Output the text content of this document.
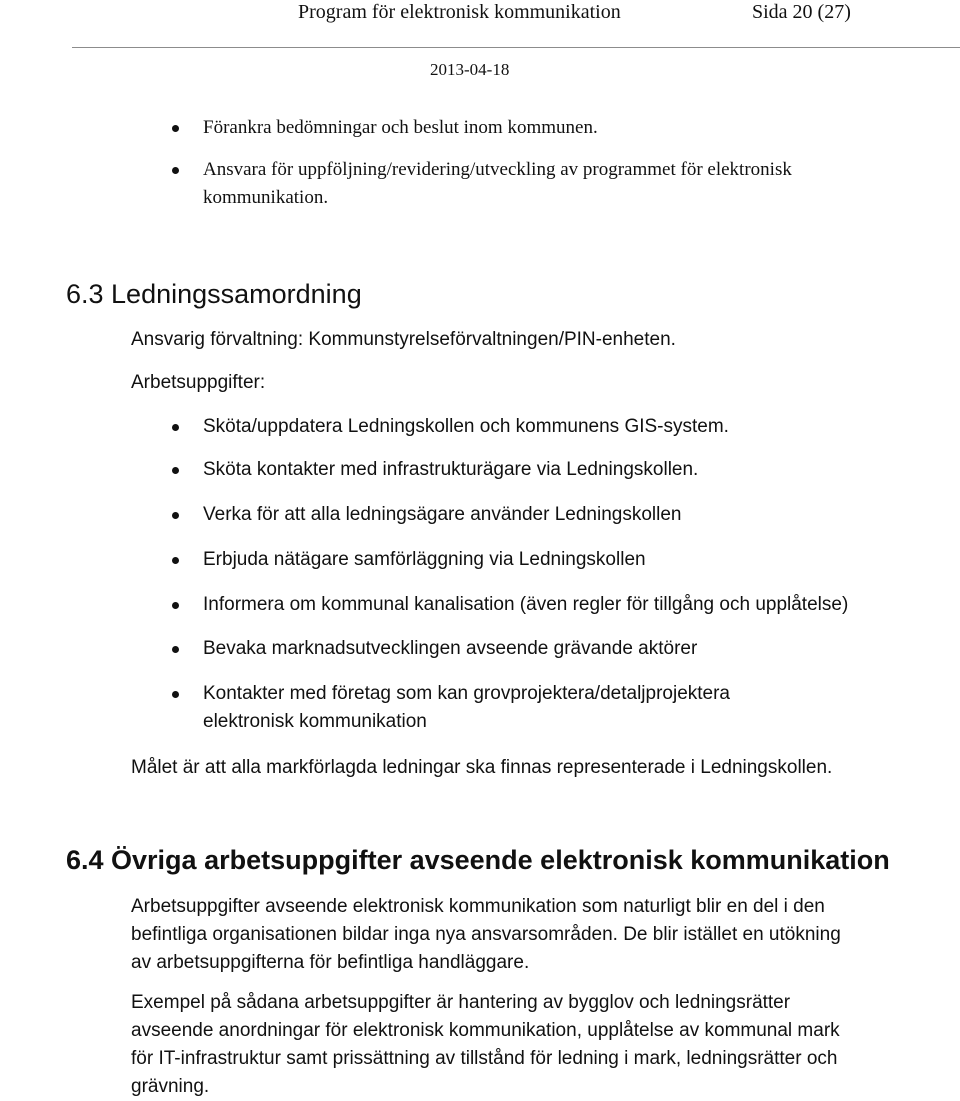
Program för elektronisk kommunikation	Sida 20 (27)
2013-04-18
Förankra bedömningar och beslut inom kommunen.
Ansvara för uppföljning/revidering/utveckling av programmet för elektronisk
kommunikation.
6.3 Ledningssamordning
Ansvarig förvaltning: Kommunstyrelseförvaltningen/PIN-enheten.
Arbetsuppgifter:
Sköta/uppdatera Ledningskollen och kommunens GIS-system.
Sköta kontakter med infrastrukturägare via Ledningskollen.
Verka för att alla ledningsägare använder Ledningskollen
Erbjuda nätägare samförläggning via Ledningskollen
Informera om kommunal kanalisation (även regler för tillgång och upplåtelse)
Bevaka marknadsutvecklingen avseende grävande aktörer
Kontakter med företag som kan grovprojektera/detaljprojektera
elektronisk kommunikation
Målet är att alla markförlagda ledningar ska finnas representerade i Ledningskollen.
6.4 Övriga arbetsuppgifter avseende elektronisk kommunikation
Arbetsuppgifter avseende elektronisk kommunikation som naturligt blir en del i den
befintliga organisationen bildar inga nya ansvarsområden. De blir istället en utökning
av arbetsuppgifterna för befintliga handläggare.
Exempel på sådana arbetsuppgifter är hantering av bygglov och ledningsrätter
avseende anordningar för elektronisk kommunikation, upplåtelse av kommunal mark
för IT-infrastruktur samt prissättning av tillstånd för ledning i mark, ledningsrätter och
grävning.
